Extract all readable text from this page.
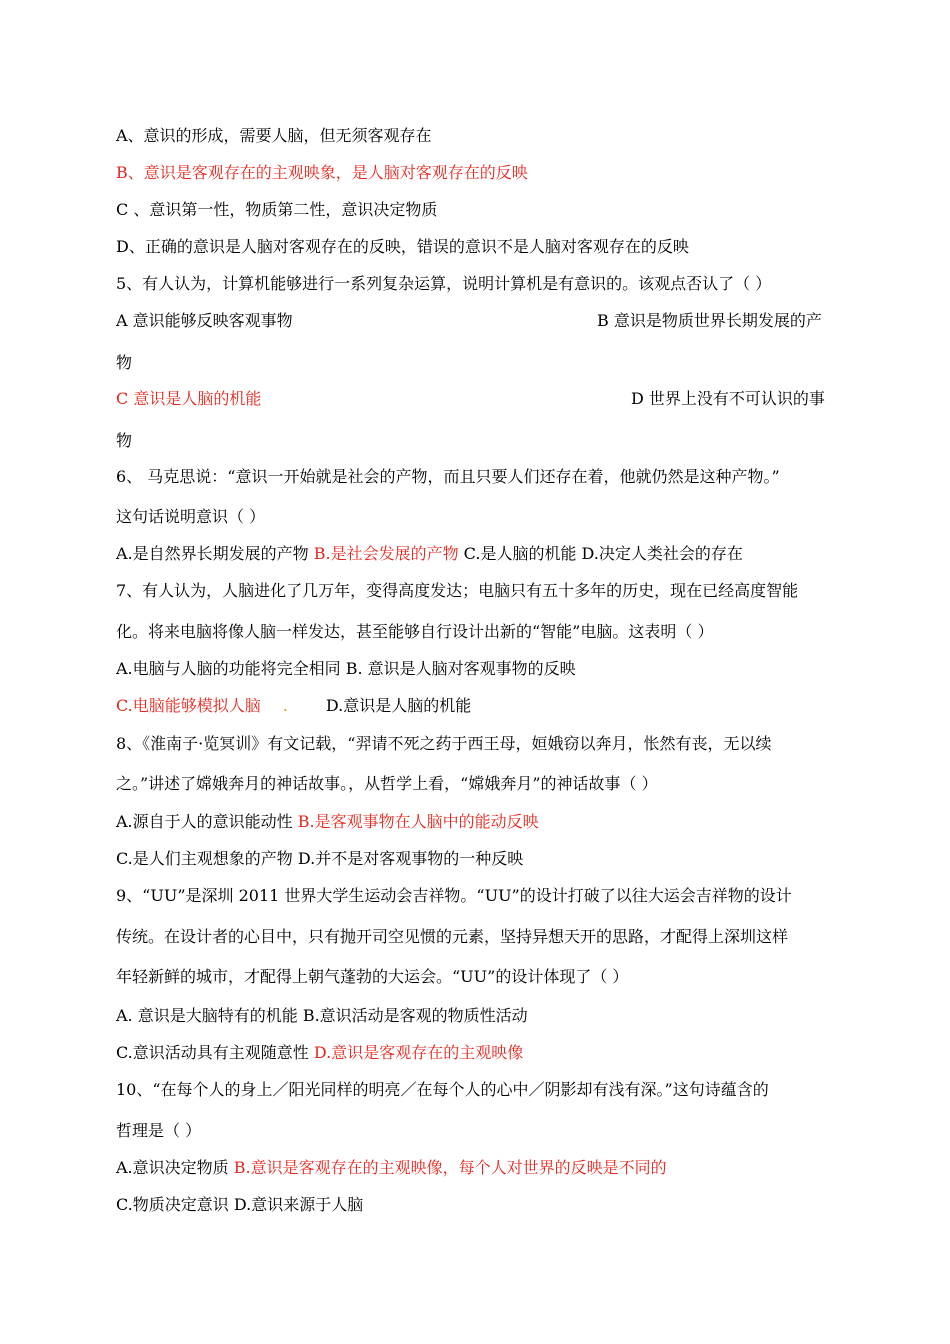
A、意识的形成，需要人脑，但无须客观存在
B、意识是客观存在的主观映象，是人脑对客观存在的反映
C 、意识第一性，物质第二性，意识决定物质
D、正确的意识是人脑对客观存在的反映，错误的意识不是人脑对客观存在的反映
5、有人认为，计算机能够进行一系列复杂运算，说明计算机是有意识的。该观点否认了（ ）
A 意识能够反映客观事物	B 意识是物质世界长期发展的产
物
C 意识是人脑的机能	D 世界上没有不可认识的事
物
6、 马克思说：“意识一开始就是社会的产物，而且只要人们还存在着，他就仍然是这种产物。”
这句话说明意识（ ）
A.是自然界长期发展的产物 B.是社会发展的产物 C.是人脑的机能 D.决定人类社会的存在
7、有人认为，人脑进化了几万年，变得高度发达；电脑只有五十多年的历史，现在已经高度智能
化。将来电脑将像人脑一样发达，甚至能够自行设计出新的“智能”电脑。这表明（ ）
A.电脑与人脑的功能将完全相同 B. 意识是人脑对客观事物的反映
C.电脑能够模拟人脑 . D.意识是人脑的机能
8、《淮南子·览冥训》有文记载，“羿请不死之药于西王母，姮娥窃以奔月，怅然有丧，无以续
之。”讲述了嫦娥奔月的神话故事。，从哲学上看，“嫦娥奔月”的神话故事（ ）
A.源自于人的意识能动性 B.是客观事物在人脑中的能动反映
C.是人们主观想象的产物 D.并不是对客观事物的一种反映
9、“UU”是深圳 2011 世界大学生运动会吉祥物。“UU”的设计打破了以往大运会吉祥物的设计
传统。在设计者的心目中，只有抛开司空见惯的元素，坚持异想天开的思路，才配得上深圳这样
年轻新鲜的城市，才配得上朝气蓬勃的大运会。“UU”的设计体现了（ ）
A. 意识是大脑特有的机能 B.意识活动是客观的物质性活动
C.意识活动具有主观随意性 D.意识是客观存在的主观映像
10、“在每个人的身上／阳光同样的明亮／在每个人的心中／阴影却有浅有深。”这句诗蕴含的
哲理是（ ）
A.意识决定物质 B.意识是客观存在的主观映像，每个人对世界的反映是不同的
C.物质决定意识 D.意识来源于人脑
